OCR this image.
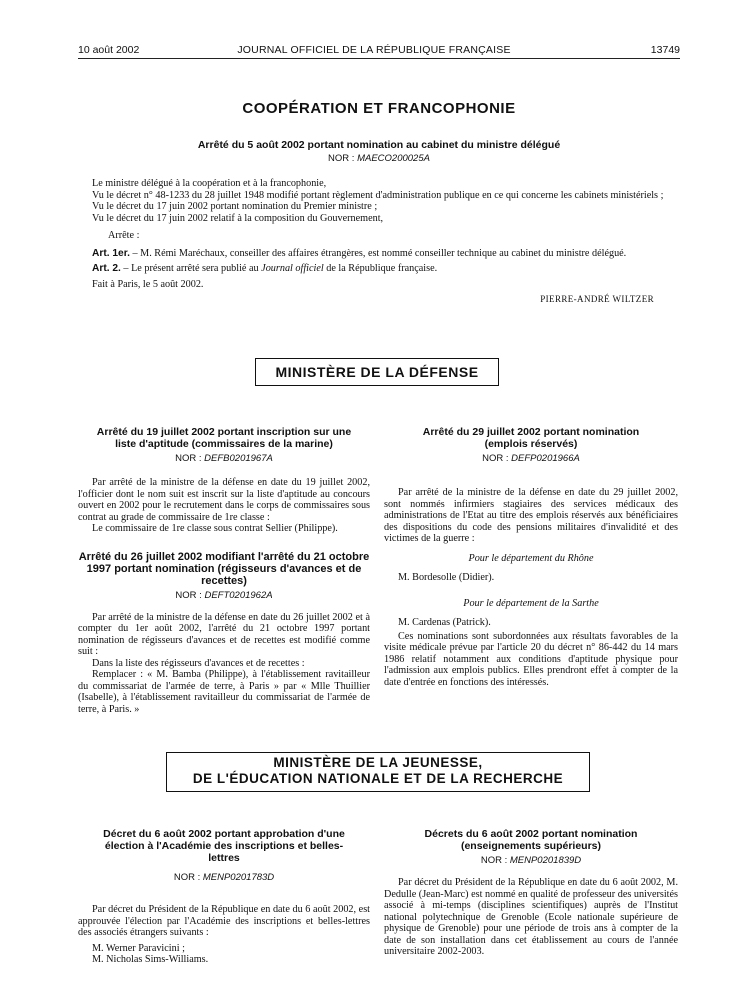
10 août 2002	JOURNAL OFFICIEL DE LA RÉPUBLIQUE FRANÇAISE	13749
COOPÉRATION ET FRANCOPHONIE
Arrêté du 5 août 2002 portant nomination au cabinet du ministre délégué
NOR : MAECO200025A

Le ministre délégué à la coopération et à la francophonie,

Vu le décret n° 48-1233 du 28 juillet 1948 modifié portant règlement d'administration publique en ce qui concerne les cabinets ministériels ;

Vu le décret du 17 juin 2002 portant nomination du Premier ministre ;

Vu le décret du 17 juin 2002 relatif à la composition du Gouvernement,

Arrête :

Art. 1er. – M. Rémi Maréchaux, conseiller des affaires étrangères, est nommé conseiller technique au cabinet du ministre délégué.

Art. 2. – Le présent arrêté sera publié au Journal officiel de la République française.

Fait à Paris, le 5 août 2002.

PIERRE-ANDRÉ WILTZER

MINISTÈRE DE LA DÉFENSE
Arrêté du 19 juillet 2002 portant inscription sur une liste d'aptitude (commissaires de la marine)
NOR : DEFB0201967A

Par arrêté de la ministre de la défense en date du 19 juillet 2002, l'officier dont le nom suit est inscrit sur la liste d'aptitude au concours ouvert en 2002 pour le recrutement dans le corps de commissaires sous contrat au grade de commissaire de 1re classe :

Le commissaire de 1re classe sous contrat Sellier (Philippe).

Arrêté du 26 juillet 2002 modifiant l'arrêté du 21 octobre 1997 portant nomination (régisseurs d'avances et de recettes)
NOR : DEFT0201962A

Par arrêté de la ministre de la défense en date du 26 juillet 2002 et à compter du 1er août 2002, l'arrêté du 21 octobre 1997 portant nomination de régisseurs d'avances et de recettes est modifié comme suit :

Dans la liste des régisseurs d'avances et de recettes :

Remplacer : « M. Bamba (Philippe), à l'établissement ravitailleur du commissariat de l'armée de terre, à Paris » par « Mlle Thuillier (Isabelle), à l'établissement ravitailleur du commissariat de l'armée de terre, à Paris. »

Arrêté du 29 juillet 2002 portant nomination (emplois réservés)
NOR : DEFP0201966A

Par arrêté de la ministre de la défense en date du 29 juillet 2002, sont nommés infirmiers stagiaires des services médicaux des administrations de l'Etat au titre des emplois réservés aux bénéficiaires des dispositions du code des pensions militaires d'invalidité et des victimes de la guerre :

Pour le département du Rhône

M. Bordesolle (Didier).

Pour le département de la Sarthe

M. Cardenas (Patrick).

Ces nominations sont subordonnées aux résultats favorables de la visite médicale prévue par l'article 20 du décret n° 86-442 du 14 mars 1986 relatif notamment aux conditions d'aptitude physique pour l'admission aux emplois publics. Elles prendront effet à compter de la date d'entrée en fonctions des intéressés.

MINISTÈRE DE LA JEUNESSE,
DE L'ÉDUCATION NATIONALE ET DE LA RECHERCHE
Décret du 6 août 2002 portant approbation d'une élection à l'Académie des inscriptions et belles-lettres
NOR : MENP0201783D

Par décret du Président de la République en date du 6 août 2002, est approuvée l'élection par l'Académie des inscriptions et belles-lettres des associés étrangers suivants :

M. Werner Paravicini ;

M. Nicholas Sims-Williams.

Décrets du 6 août 2002 portant nomination (enseignements supérieurs)
NOR : MENP0201839D

Par décret du Président de la République en date du 6 août 2002, M. Dedulle (Jean-Marc) est nommé en qualité de professeur des universités associé à mi-temps (disciplines scientifiques) auprès de l'Institut national polytechnique de Grenoble (Ecole nationale supérieure de physique de Grenoble) pour une période de trois ans à compter de la date de son installation dans cet établissement au cours de l'année universitaire 2002-2003.
